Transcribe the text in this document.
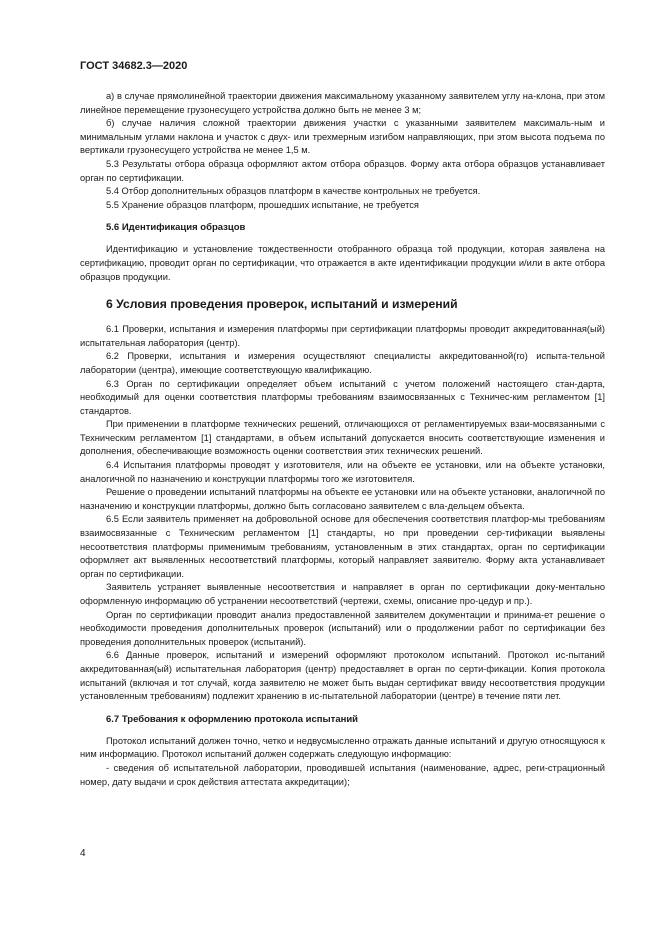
ГОСТ 34682.3—2020

а) в случае прямолинейной траектории движения максимальному указанному заявителем углу на-клона, при этом линейное перемещение грузонесущего устройства должно быть не менее 3 м;

б) случае наличия сложной траектории движения участки с указанными заявителем максималь-ным и минимальным углами наклона и участок с двух- или трехмерным изгибом направляющих, при этом высота подъема по вертикали грузонесущего устройства не менее 1,5 м.

5.3 Результаты отбора образца оформляют актом отбора образцов. Форму акта отбора образцов устанавливает орган по сертификации.

5.4 Отбор дополнительных образцов платформ в качестве контрольных не требуется.

5.5 Хранение образцов платформ, прошедших испытание, не требуется

5.6 Идентификация образцов

Идентификацию и установление тождественности отобранного образца той продукции, которая заявлена на сертификацию, проводит орган по сертификации, что отражается в акте идентификации продукции и/или в акте отбора образцов продукции.

6 Условия проведения проверок, испытаний и измерений

6.1 Проверки, испытания и измерения платформы при сертификации платформы проводит аккредитованная(ый) испытательная лаборатория (центр).

6.2 Проверки, испытания и измерения осуществляют специалисты аккредитованной(го) испыта-тельной лаборатории (центра), имеющие соответствующую квалификацию.

6.3 Орган по сертификации определяет объем испытаний с учетом положений настоящего стан-дарта, необходимый для оценки соответствия платформы требованиям взаимосвязанных с Техничес-ким регламентом [1] стандартов.

При применении в платформе технических решений, отличающихся от регламентируемых взаи-мосвязанными с Техническим регламентом [1] стандартами, в объем испытаний допускается вносить соответствующие изменения и дополнения, обеспечивающие возможность оценки соответствия этих технических решений.

6.4 Испытания платформы проводят у изготовителя, или на объекте ее установки, или на объекте установки, аналогичной по назначению и конструкции платформы того же изготовителя.

Решение о проведении испытаний платформы на объекте ее установки или на объекте установки, аналогичной по назначению и конструкции платформы, должно быть согласовано заявителем с вла-дельцем объекта.

6.5 Если заявитель применяет на добровольной основе для обеспечения соответствия платфор-мы требованиям взаимосвязанные с Техническим регламентом [1] стандарты, но при проведении сер-тификации выявлены несоответствия платформы применимым требованиям, установленным в этих стандартах, орган по сертификации оформляет акт выявленных несоответствий платформы, который направляет заявителю. Форму акта устанавливает орган по сертификации.

Заявитель устраняет выявленные несоответствия и направляет в орган по сертификации доку-ментально оформленную информацию об устранении несоответствий (чертежи, схемы, описание про-цедур и пр.).

Орган по сертификации проводит анализ предоставленной заявителем документации и принима-ет решение о необходимости проведения дополнительных проверок (испытаний) или о продолжении работ по сертификации без проведения дополнительных проверок (испытаний).

6.6 Данные проверок, испытаний и измерений оформляют протоколом испытаний. Протокол ис-пытаний аккредитованная(ый) испытательная лаборатория (центр) предоставляет в орган по серти-фикации. Копия протокола испытаний (включая и тот случай, когда заявителю не может быть выдан сертификат ввиду несоответствия продукции установленным требованиям) подлежит хранению в ис-пытательной лаборатории (центре) в течение пяти лет.

6.7 Требования к оформлению протокола испытаний

Протокол испытаний должен точно, четко и недвусмысленно отражать данные испытаний и другую относящуюся к ним информацию. Протокол испытаний должен содержать следующую информацию:

- сведения об испытательной лаборатории, проводившей испытания (наименование, адрес, реги-страционный номер, дату выдачи и срок действия аттестата аккредитации);

4
